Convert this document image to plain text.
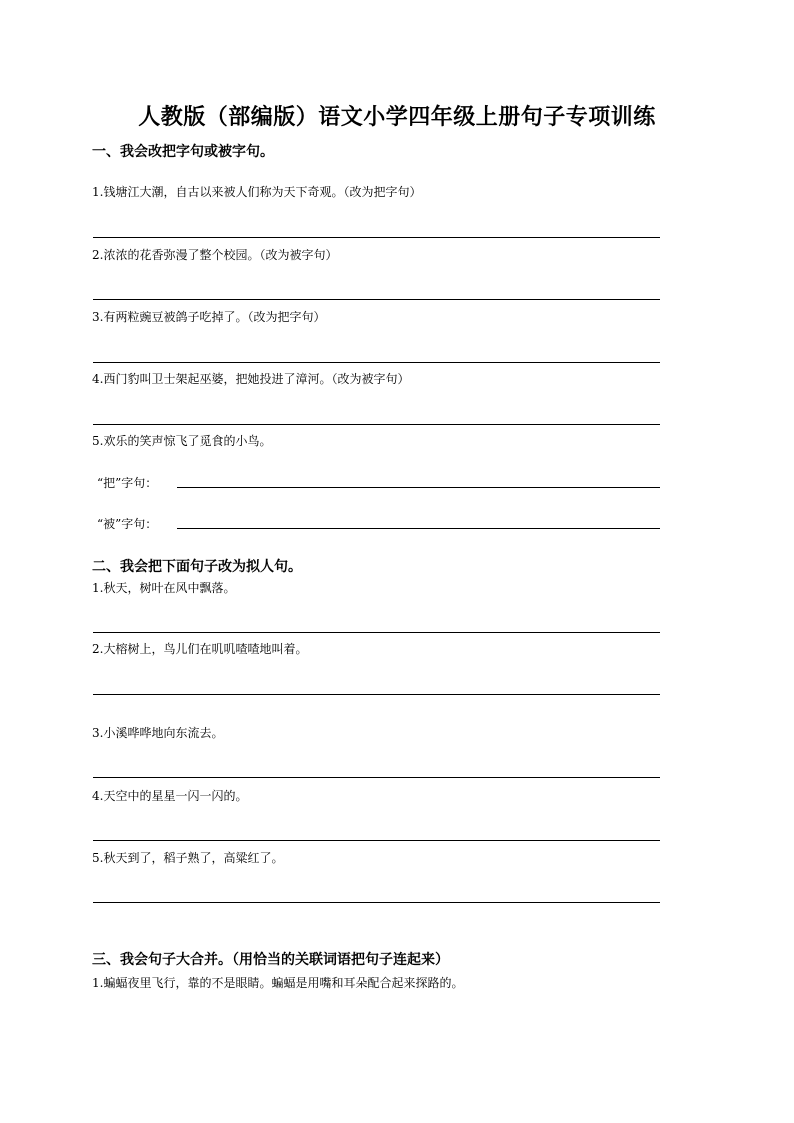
人教版（部编版）语文小学四年级上册句子专项训练
一、我会改把字句或被字句。
1.钱塘江大潮，自古以来被人们称为天下奇观。（改为把字句）
2.浓浓的花香弥漫了整个校园。（改为被字句）
3.有两粒豌豆被鸽子吃掉了。（改为把字句）
4.西门豹叫卫士架起巫婆，把她投进了漳河。（改为被字句）
5.欢乐的笑声惊飞了觅食的小鸟。
“把”字句：
“被”字句：
二、我会把下面句子改为拟人句。
1.秋天，树叶在风中飘落。
2.大榕树上，鸟儿们在叽叽喳喳地叫着。
3.小溪哗哗地向东流去。
4.天空中的星星一闪一闪的。
5.秋天到了，稻子熟了，高粱红了。
三、我会句子大合并。（用恰当的关联词语把句子连起来）
1.蝙蝠夜里飞行，靠的不是眼睛。蝙蝠是用嘴和耳朵配合起来探路的。
